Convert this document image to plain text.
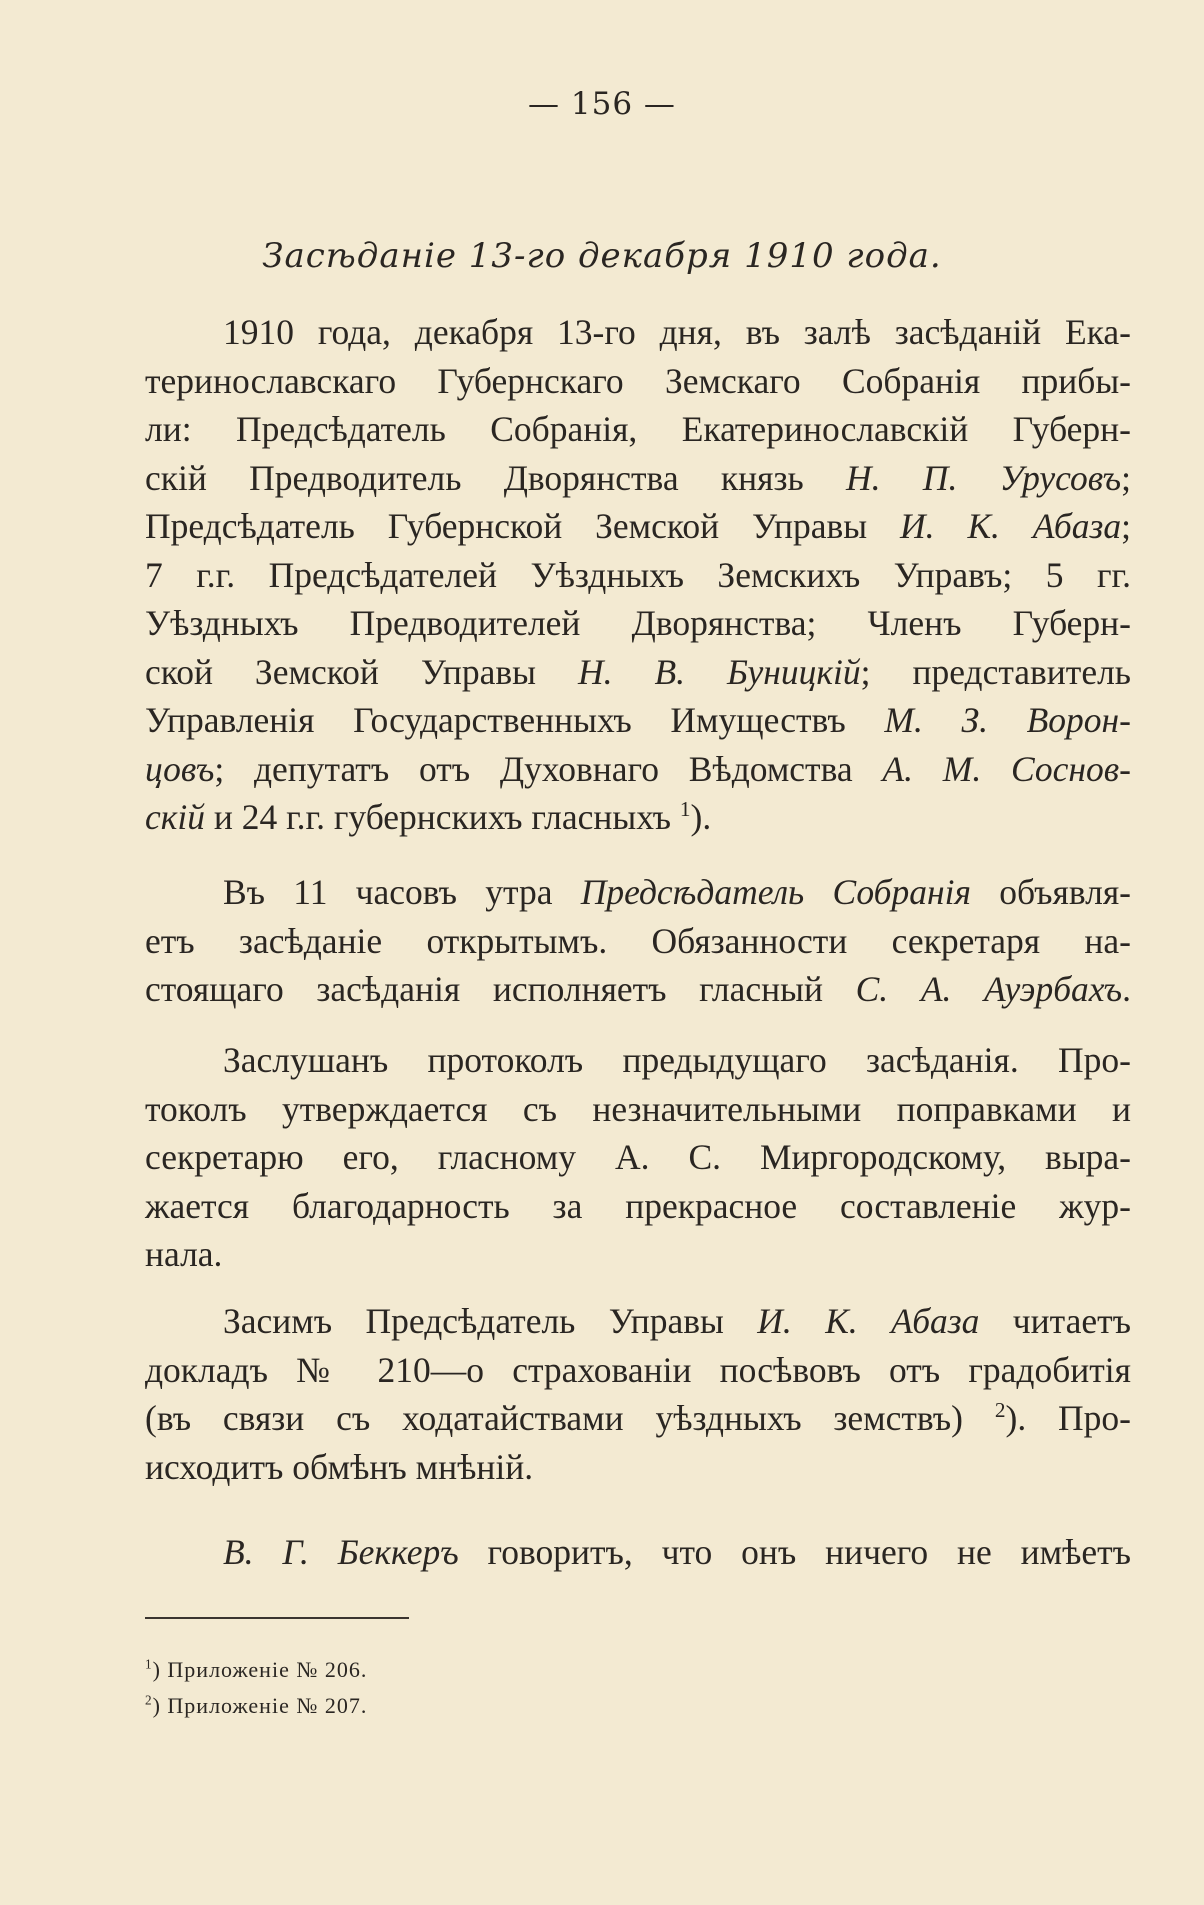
— 156 —
Засѣданіе 13-го декабря 1910 года.
1910 года, декабря 13-го дня, въ залѣ засѣданій Ека-
теринославскаго Губернскаго Земскаго Собранія прибы-
ли: Предсѣдатель Собранія, Екатеринославскій Губерн-
скій Предводитель Дворянства князь Н. П. Урусовъ;
Предсѣдатель Губернской Земской Управы И. К. Абаза;
7 г.г. Предсѣдателей Уѣздныхъ Земскихъ Управъ; 5 гг.
Уѣздныхъ Предводителей Дворянства; Членъ Губерн-
ской Земской Управы Н. В. Буницкій; представитель
Управленія Государственныхъ Имуществъ М. З. Ворон-
цовъ; депутатъ отъ Духовнаго Вѣдомства А. М. Соснов-
скій и 24 г.г. губернскихъ гласныхъ $^1$).
Въ 11 часовъ утра Предсѣдатель Собранія объявля-
етъ засѣданіе открытымъ. Обязанности секретаря на-
стоящаго засѣданія исполняетъ гласный С. А. Ауэрбахъ.
Заслушанъ протоколъ предыдущаго засѣданія. Про-
токолъ утверждается съ незначительными поправками и
секретарю его, гласному А. С. Миргородскому, выра-
жается благодарность за прекрасное составленіе жур-
нала.
Засимъ Предсѣдатель Управы И. К. Абаза читаетъ
докладъ № 210—о страхованіи посѣвовъ отъ градобитія
(въ связи съ ходатайствами уѣздныхъ земствъ) $^2$). Про-
исходитъ обмѣнъ мнѣній.
В. Г. Беккеръ говоритъ, что онъ ничего не имѣетъ
$^1$) Приложеніе № 206.
$^2$) Приложеніе № 207.
